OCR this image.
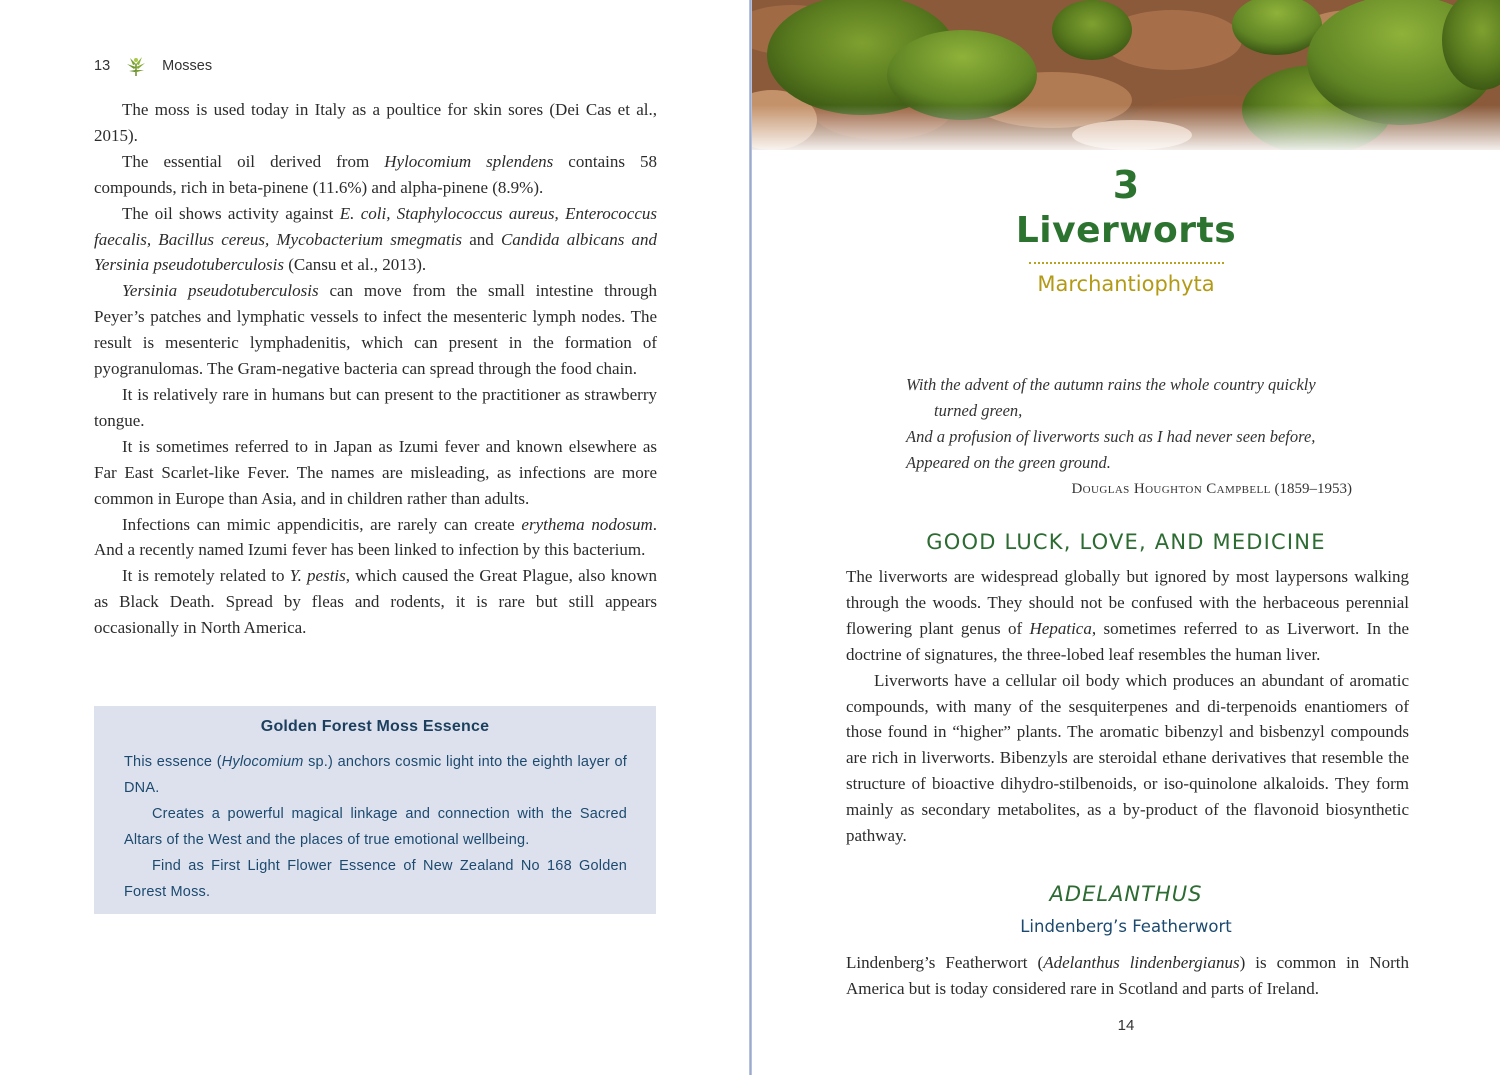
13	Mosses

The moss is used today in Italy as a poultice for skin sores (Dei Cas et al., 2015).

The essential oil derived from Hylocomium splendens contains 58 compounds, rich in beta-pinene (11.6%) and alpha-pinene (8.9%).

The oil shows activity against E. coli, Staphylococcus aureus, Enterococcus faecalis, Bacillus cereus, Mycobacterium smegmatis and Candida albicans and Yersinia pseudotuberculosis (Cansu et al., 2013).

Yersinia pseudotuberculosis can move from the small intestine through Peyer’s patches and lymphatic vessels to infect the mesenteric lymph nodes. The result is mesenteric lymphadenitis, which can present in the formation of pyogranulomas. The Gram-negative bacteria can spread through the food chain.

It is relatively rare in humans but can present to the practitioner as strawberry tongue.

It is sometimes referred to in Japan as Izumi fever and known elsewhere as Far East Scarlet-like Fever. The names are misleading, as infections are more common in Europe than Asia, and in children rather than adults.

Infections can mimic appendicitis, are rarely can create erythema nodosum. And a recently named Izumi fever has been linked to infection by this bacterium.

It is remotely related to Y. pestis, which caused the Great Plague, also known as Black Death. Spread by fleas and rodents, it is rare but still appears occasionally in North America.

Golden Forest Moss Essence

This essence (Hylocomium sp.) anchors cosmic light into the eighth layer of DNA.

Creates a powerful magical linkage and connection with the Sacred Altars of the West and the places of true emotional wellbeing.

Find as First Light Flower Essence of New Zealand No 168 Golden Forest Moss.

3
Liverworts
Marchantiophyta

With the advent of the autumn rains the whole country quickly

turned green,

And a profusion of liverworts such as I had never seen before,

Appeared on the green ground.

Douglas Houghton Campbell (1859–1953)
GOOD LUCK, LOVE, AND MEDICINE

The liverworts are widespread globally but ignored by most laypersons walking through the woods. They should not be confused with the herbaceous perennial flowering plant genus of Hepatica, sometimes referred to as Liverwort. In the doctrine of signatures, the three-lobed leaf resembles the human liver.

Liverworts have a cellular oil body which produces an abundant of aromatic compounds, with many of the sesquiterpenes and di-terpenoids enantiomers of those found in “higher” plants. The aromatic bibenzyl and bisbenzyl compounds are rich in liverworts. Bibenzyls are steroidal ethane derivatives that resemble the structure of bioactive dihydro-stilbenoids, or iso-quinolone alkaloids. They form mainly as secondary metabolites, as a by-product of the flavonoid biosynthetic pathway.

ADELANTHUS
Lindenberg’s Featherwort

Lindenberg’s Featherwort (Adelanthus lindenbergianus) is common in North America but is today considered rare in Scotland and parts of Ireland.

14
